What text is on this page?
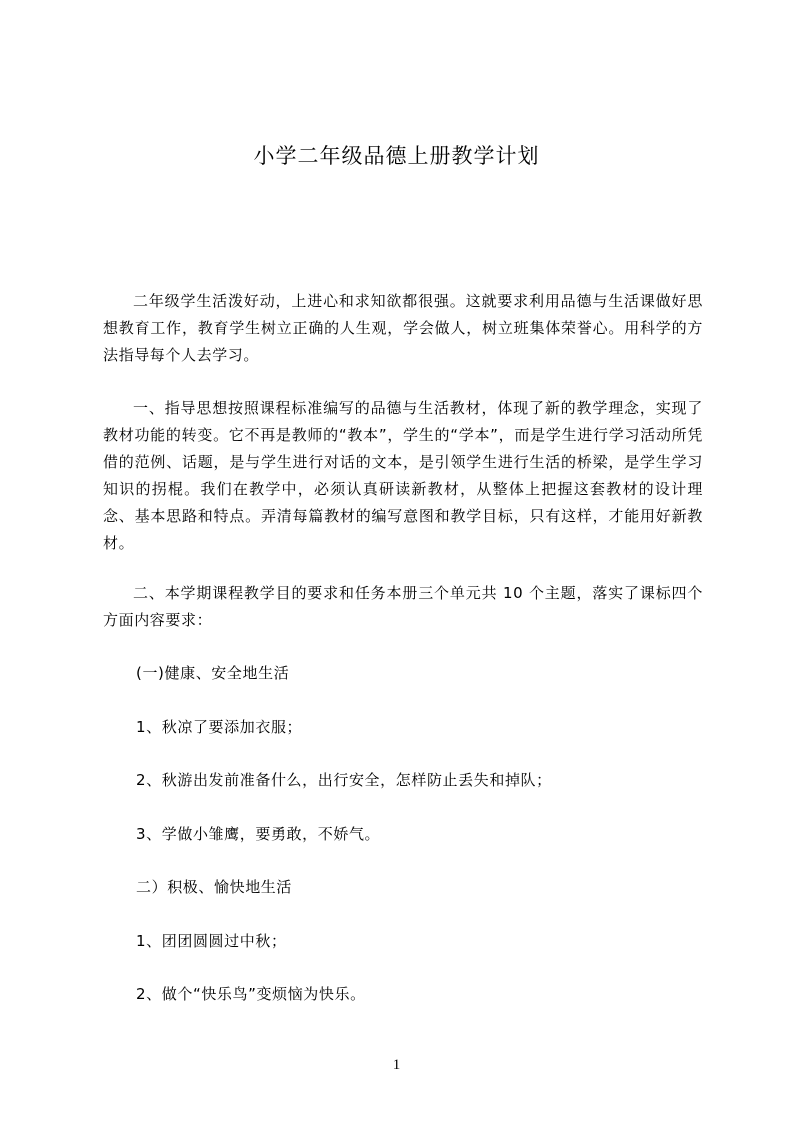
小学二年级品德上册教学计划

二年级学生活泼好动，上进心和求知欲都很强。这就要求利用品德与生活课做好思想教育工作，教育学生树立正确的人生观，学会做人，树立班集体荣誉心。用科学的方法指导每个人去学习。

一、指导思想按照课程标准编写的品德与生活教材，体现了新的教学理念，实现了教材功能的转变。它不再是教师的“教本”，学生的“学本”，而是学生进行学习活动所凭借的范例、话题，是与学生进行对话的文本，是引领学生进行生活的桥梁，是学生学习知识的拐棍。我们在教学中，必须认真研读新教材，从整体上把握这套教材的设计理念、基本思路和特点。弄清每篇教材的编写意图和教学目标，只有这样，才能用好新教材。

二、本学期课程教学目的要求和任务本册三个单元共 10 个主题，落实了课标四个方面内容要求：

(一)健康、安全地生活
1、秋凉了要添加衣服；
2、秋游出发前准备什么，出行安全，怎样防止丢失和掉队；
3、学做小雏鹰，要勇敢，不娇气。
二）积极、愉快地生活
1、团团圆圆过中秋；
2、做个“快乐鸟”变烦恼为快乐。
1
